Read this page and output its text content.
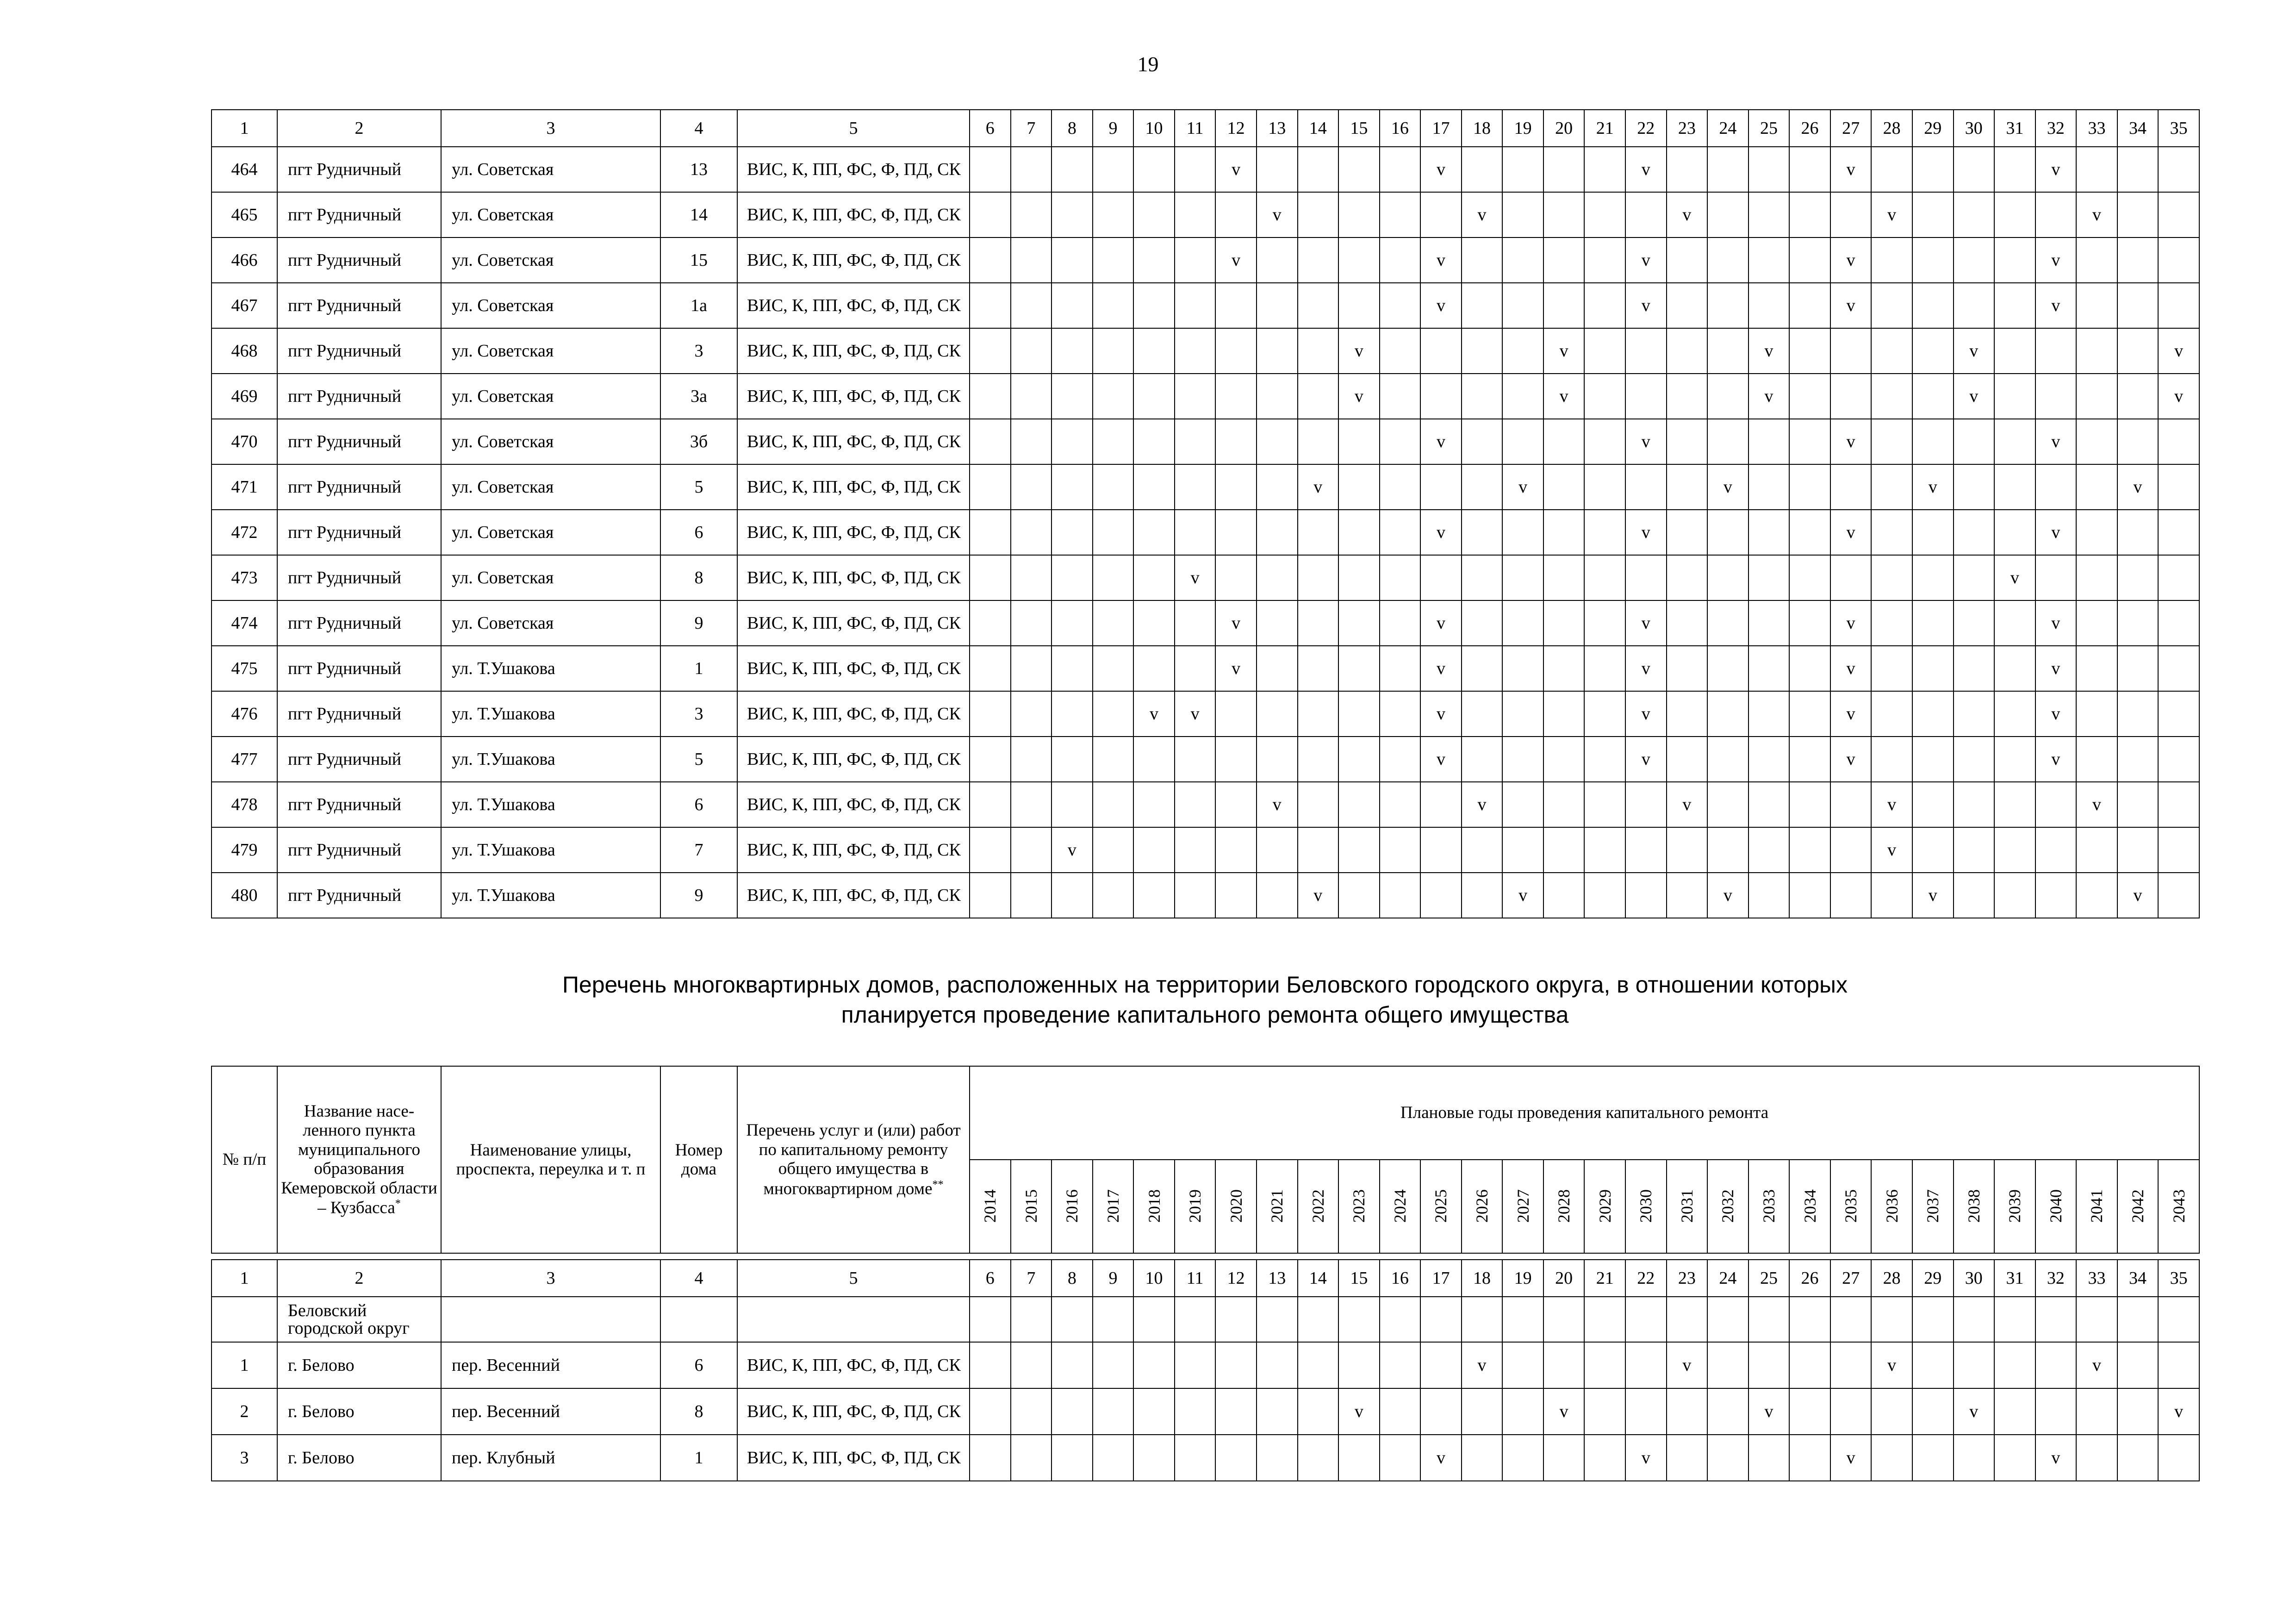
19
1	2	3	4	5	6	7	8	9	10	11	12	13	14	15	16	17	18	19	20	21	22	23	24	25	26	27	28	29	30	31	32	33	34	35
464	пгт Рудничный	ул. Советская	13	ВИС, К, ПП, ФС, Ф, ПД, СК							v					v					v					v					v			
465	пгт Рудничный	ул. Советская	14	ВИС, К, ПП, ФС, Ф, ПД, СК								v					v					v					v					v		
466	пгт Рудничный	ул. Советская	15	ВИС, К, ПП, ФС, Ф, ПД, СК							v					v					v					v					v			
467	пгт Рудничный	ул. Советская	1а	ВИС, К, ПП, ФС, Ф, ПД, СК												v					v					v					v			
468	пгт Рудничный	ул. Советская	3	ВИС, К, ПП, ФС, Ф, ПД, СК										v					v					v					v					v
469	пгт Рудничный	ул. Советская	3а	ВИС, К, ПП, ФС, Ф, ПД, СК										v					v					v					v					v
470	пгт Рудничный	ул. Советская	3б	ВИС, К, ПП, ФС, Ф, ПД, СК												v					v					v					v			
471	пгт Рудничный	ул. Советская	5	ВИС, К, ПП, ФС, Ф, ПД, СК									v					v					v					v					v	
472	пгт Рудничный	ул. Советская	6	ВИС, К, ПП, ФС, Ф, ПД, СК												v					v					v					v			
473	пгт Рудничный	ул. Советская	8	ВИС, К, ПП, ФС, Ф, ПД, СК						v																				v				
474	пгт Рудничный	ул. Советская	9	ВИС, К, ПП, ФС, Ф, ПД, СК							v					v					v					v					v			
475	пгт Рудничный	ул. Т.Ушакова	1	ВИС, К, ПП, ФС, Ф, ПД, СК							v					v					v					v					v			
476	пгт Рудничный	ул. Т.Ушакова	3	ВИС, К, ПП, ФС, Ф, ПД, СК					v	v						v					v					v					v			
477	пгт Рудничный	ул. Т.Ушакова	5	ВИС, К, ПП, ФС, Ф, ПД, СК												v					v					v					v			
478	пгт Рудничный	ул. Т.Ушакова	6	ВИС, К, ПП, ФС, Ф, ПД, СК								v					v					v					v					v		
479	пгт Рудничный	ул. Т.Ушакова	7	ВИС, К, ПП, ФС, Ф, ПД, СК			v																				v							
480	пгт Рудничный	ул. Т.Ушакова	9	ВИС, К, ПП, ФС, Ф, ПД, СК									v					v					v					v					v	
Перечень многоквартирных домов, расположенных на территории Беловского городского округа, в отношении которых
планируется проведение капитального ремонта общего имущества
№ п/п	Название насе-ленного пункта муниципального образования Кемеровской области – Кузбасса*	Наименование улицы, проспекта, переулка и т. п	Номер дома	Перечень услуг и (или) работ по капитальному ремонту общего имущества в многоквартирном доме**	Плановые годы проведения капитального ремонта																													
					2014	2015	2016	2017	2018	2019	2020	2021	2022	2023	2024	2025	2026	2027	2028	2029	2030	2031	2032	2033	2034	2035	2036	2037	2038	2039	2040	2041	2042	2043
1	2	3	4	5	6	7	8	9	10	11	12	13	14	15	16	17	18	19	20	21	22	23	24	25	26	27	28	29	30	31	32	33	34	35
	Беловский городской округ																																	
1	г. Белово	пер. Весенний	6	ВИС, К, ПП, ФС, Ф, ПД, СК													v					v					v					v		
2	г. Белово	пер. Весенний	8	ВИС, К, ПП, ФС, Ф, ПД, СК										v					v					v					v					v
3	г. Белово	пер. Клубный	1	ВИС, К, ПП, ФС, Ф, ПД, СК												v					v					v					v			
